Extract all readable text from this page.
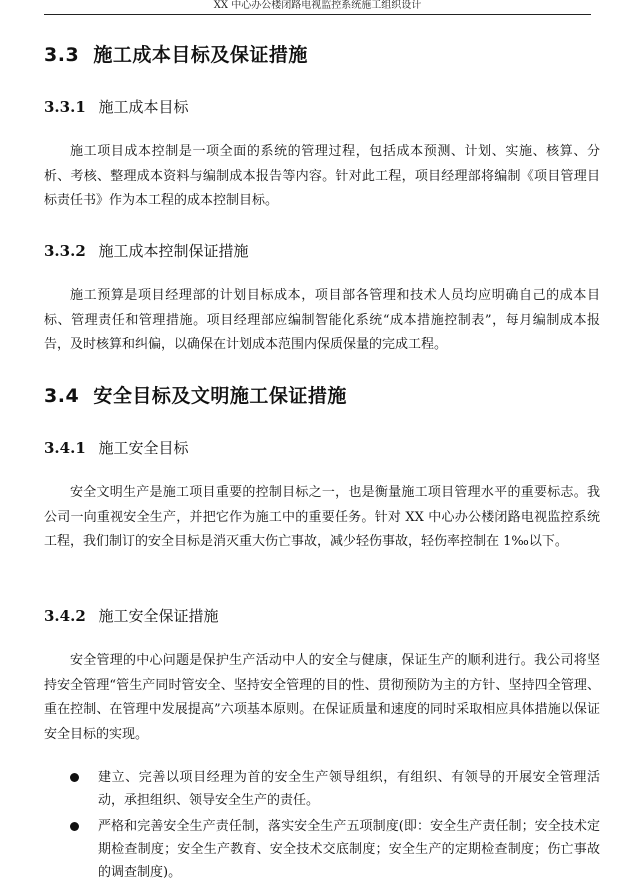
XX 中心办公楼闭路电视监控系统施工组织设计
3.3 施工成本目标及保证措施
3.3.1 施工成本目标

施工项目成本控制是一项全面的系统的管理过程，包括成本预测、计划、实施、核算、分析、考核、整理成本资料与编制成本报告等内容。针对此工程，项目经理部将编制《项目管理目标责任书》作为本工程的成本控制目标。

3.3.2 施工成本控制保证措施

施工预算是项目经理部的计划目标成本，项目部各管理和技术人员均应明确自己的成本目标、管理责任和管理措施。项目经理部应编制智能化系统“成本措施控制表”，每月编制成本报告，及时核算和纠偏，以确保在计划成本范围内保质保量的完成工程。

3.4 安全目标及文明施工保证措施
3.4.1 施工安全目标

安全文明生产是施工项目重要的控制目标之一，也是衡量施工项目管理水平的重要标志。我公司一向重视安全生产，并把它作为施工中的重要任务。针对 XX 中心办公楼闭路电视监控系统工程，我们制订的安全目标是消灭重大伤亡事故，减少轻伤事故，轻伤率控制在 1‰以下。

3.4.2 施工安全保证措施

安全管理的中心问题是保护生产活动中人的安全与健康，保证生产的顺利进行。我公司将坚持安全管理“管生产同时管安全、坚持安全管理的目的性、贯彻预防为主的方针、坚持四全管理、重在控制、在管理中发展提高”六项基本原则。在保证质量和速度的同时采取相应具体措施以保证安全目标的实现。

建立、完善以项目经理为首的安全生产领导组织，有组织、有领导的开展安全管理活动，承担组织、领导安全生产的责任。
严格和完善安全生产责任制，落实安全生产五项制度(即：安全生产责任制；安全技术定期检查制度；安全生产教育、安全技术交底制度；安全生产的定期检查制度；伤亡事故的调查制度)。
